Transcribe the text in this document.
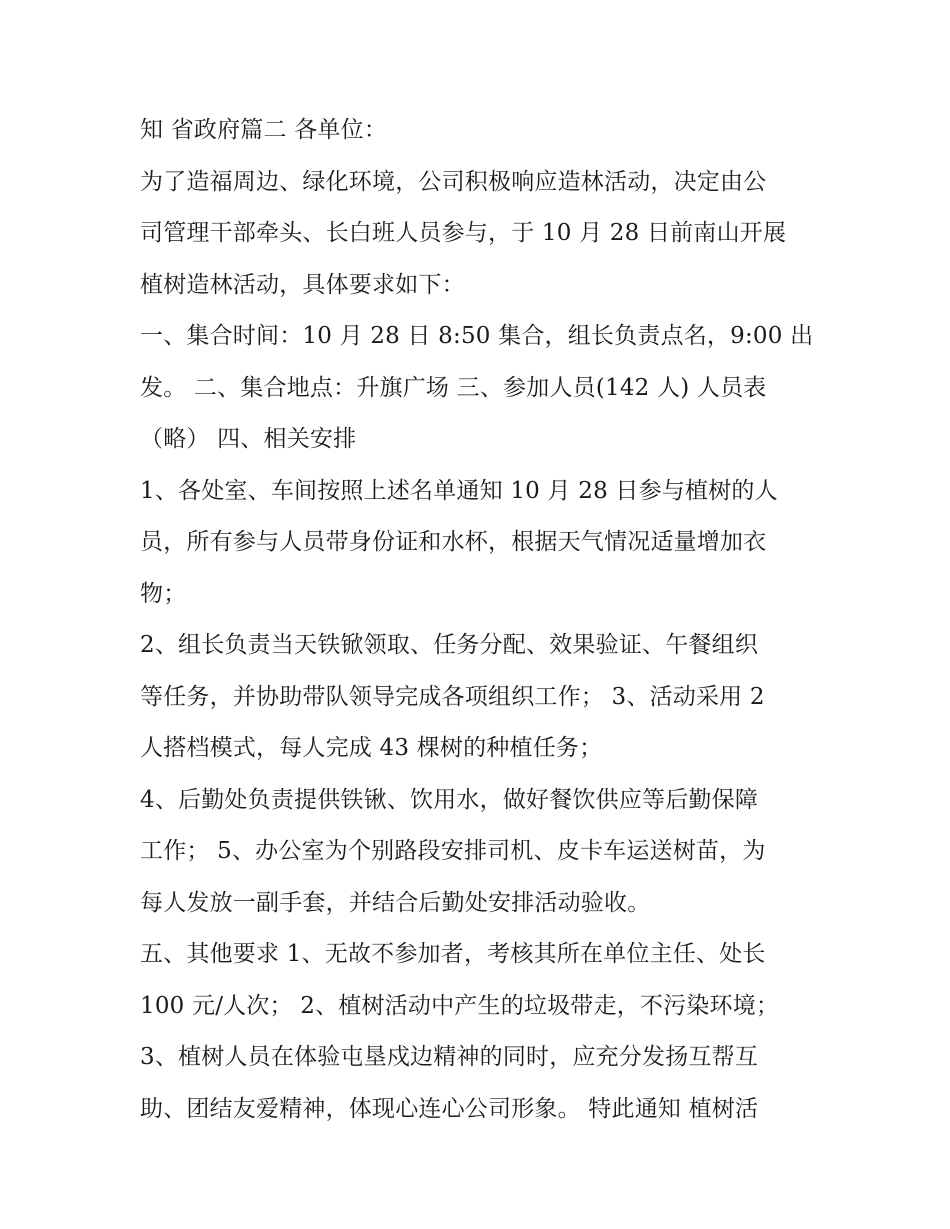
知 省政府篇二 各单位：
为了造福周边、绿化环境，公司积极响应造林活动，决定由公
司管理干部牵头、长白班人员参与，于 10 月 28 日前南山开展
植树造林活动，具体要求如下：
一、集合时间：10 月 28 日 8:50 集合，组长负责点名，9:00 出
发。 二、集合地点：升旗广场 三、参加人员(142 人) 人员表
（略） 四、相关安排
1、各处室、车间按照上述名单通知 10 月 28 日参与植树的人
员，所有参与人员带身份证和水杯，根据天气情况适量增加衣
物；
2、组长负责当天铁锨领取、任务分配、效果验证、午餐组织
等任务，并协助带队领导完成各项组织工作； 3、活动采用 2
人搭档模式，每人完成 43 棵树的种植任务；
4、后勤处负责提供铁锹、饮用水，做好餐饮供应等后勤保障
工作； 5、办公室为个别路段安排司机、皮卡车运送树苗，为
每人发放一副手套，并结合后勤处安排活动验收。
五、其他要求 1、无故不参加者，考核其所在单位主任、处长
100 元/人次； 2、植树活动中产生的垃圾带走，不污染环境；
3、植树人员在体验屯垦戍边精神的同时，应充分发扬互帮互
助、团结友爱精神，体现心连心公司形象。 特此通知 植树活
